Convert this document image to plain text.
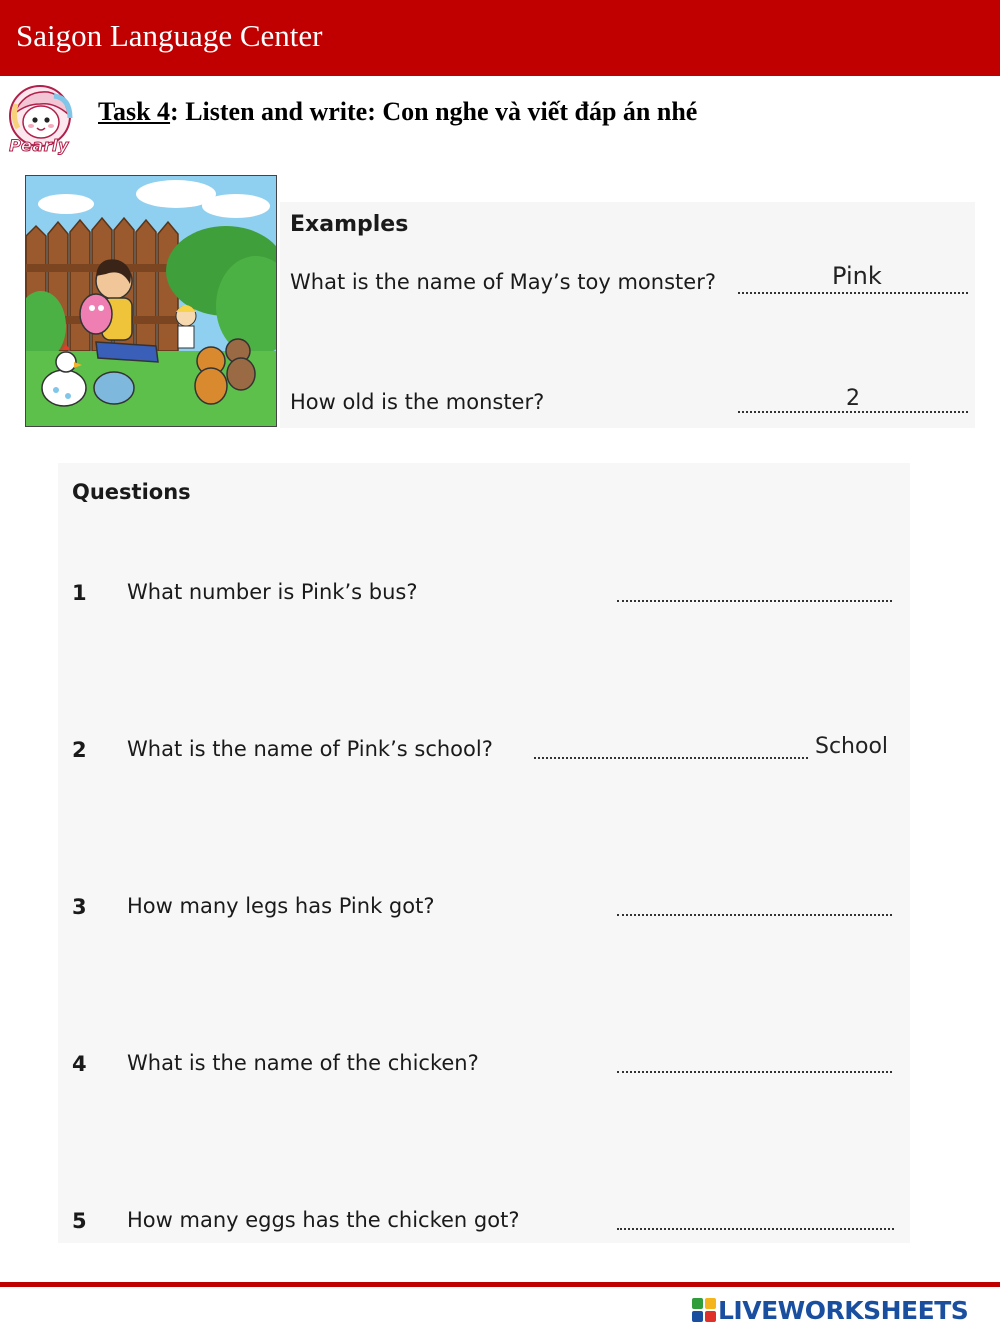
Saigon Language Center
Pearly
Task 4: Listen and write: Con nghe và viết đáp án nhé
Examples
What is the name of May’s toy monster?	Pink
How old is the monster?	2
Questions
1 What number is Pink’s bus?
2 What is the name of Pink’s school?	School
3 How many legs has Pink got?
4 What is the name of the chicken?
5 How many eggs has the chicken got?
LIVEWORKSHEETS
